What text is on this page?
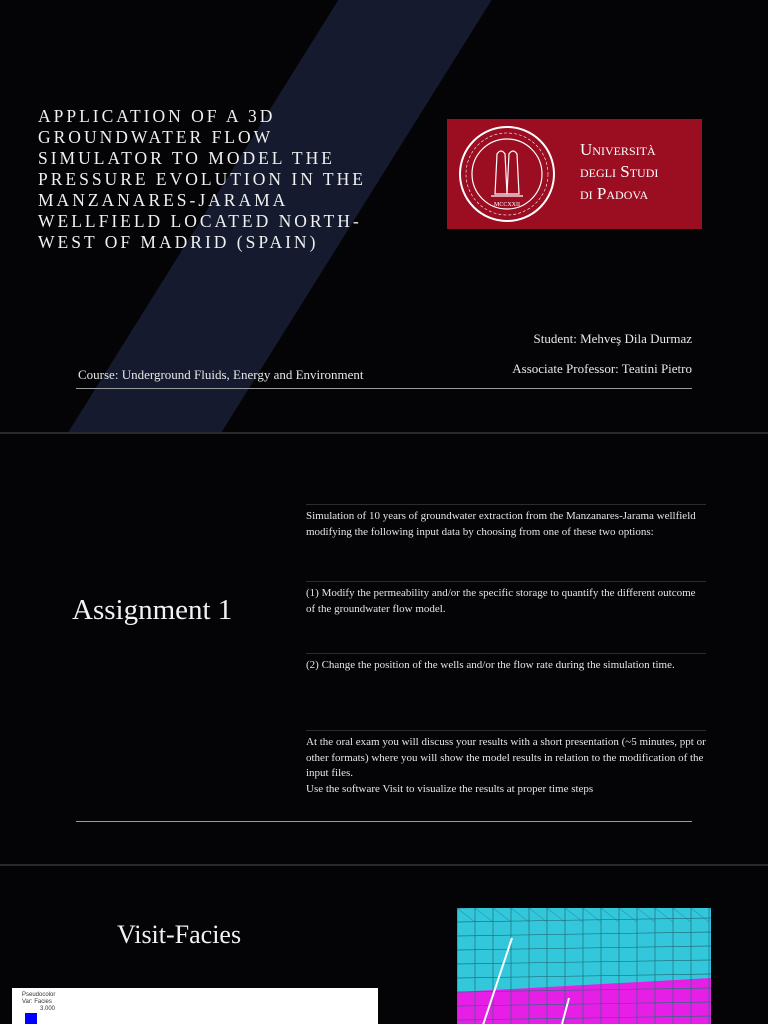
APPLICATION OF A 3D GROUNDWATER FLOW SIMULATOR TO MODEL THE PRESSURE EVOLUTION IN THE MANZANARES-JARAMA WELLFIELD LOCATED NORTH-WEST OF MADRID (SPAIN)
MCCXXII
Università
degli Studi
di Padova
Student: Mehveş Dila Durmaz
Associate Professor: Teatini Pietro
Course: Underground Fluids, Energy and Environment
Assignment 1
Simulation of 10 years of groundwater extraction from the Manzanares-Jarama wellfield modifying the following input data by choosing from one of these two options:
(1) Modify the permeability and/or the specific storage to quantify the different outcome of the groundwater flow model.
(2) Change the position of the wells and/or the flow rate during the simulation time.
At the oral exam you will discuss your results with a short presentation (~5 minutes, ppt or other formats) where you will show the model results in relation to the modification of the input files.
Use the software Visit to visualize the results at proper time steps
Visit-Facies
Pseudocolor
Var: Facies
3.000
